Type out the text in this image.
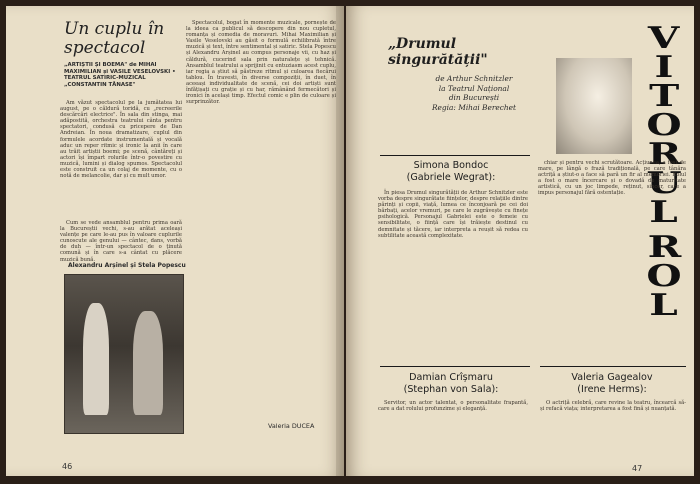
Un cuplu în spectacol
„ARTIȘTII ȘI BOEMA" de MIHAI MAXIMILIAN și VASILE VESELOVSKI • TEATRUL SATIRIC-MUZICAL „CONSTANTIN TĂNASE"

Am văzut spectacolul pe la jumătatea lui august, pe o căldură toridă, cu „recreerile descărcări electrice". În sala din stinga, mai adăpostită, orchestra teatrului cânta pentru spectatori, condusă cu pricepere de Dan Andreian. În noua dramatizare, cuplul din formulele acordate instrumentală și vocală aduc un reper ritmic și ironic la anii în care au trăit artiștii boemi; pe scenă, cântăreți și actori își împart rolurile într-o povestire cu muzică, lumini și dialog spumos. Spectacolul este construit ca un colaj de momente, cu o notă de melancolie, dar și cu mult umor.

Cum se vede ansamblul pentru prima oară la Bucureștii vechi, s-au arătat aceleași valențe pe care le-au pus în valoare cuplurile cunoscute ale genului — cântec, dans, vorbă de duh — într-un spectacol de o ținută comună și în care s-a cântat cu plăcere muzică bună.

Alexandru Arșinel și Stela Popescu

Spectacolul, bogat în momente muzicale, pornește de la ideea ca publicul să descopere din nou cupletul, romanța și comedia de moravuri. Mihai Maximilian și Vasile Veselovski au găsit o formulă echilibrată între muzică și text, între sentimental și satiric. Stela Popescu și Alexandru Arșinel au compus personaje vii, cu haz și căldură, cucerind sala prin naturalețe și tehnică. Ansamblul teatrului a sprijinit cu entuziasm acest cuplu, iar regia a știut să păstreze ritmul și culoarea fiecărui tablou. În travesti, în diverse compoziții, în duet, în aceeași individualitate de scenă, cei doi artiști sunt înfățișați cu grație și cu har, rămânând fermecători și ironici în același timp. Efectul comic e plin de culoare și surprinzător.

Valeria DUCEA
46	47
„Drumul singurătății"
de Arthur Schnitzler
la Teatrul Național
din București
Regia: Mihai Berechet
V
I
T
O
R
U
L
R
O
L
Simona Bondoc
(Gabriele Wegrat):

În piesa Drumul singurătății de Arthur Schnitzler este vorba despre singurătate ființelor, despre relațiile dintre părinți și copii, viață, lumea ce înconjoară pe cei doi bărbați, acelor vremuri, pe care le zugrăvește cu finețe psihologică. Personajul Gabrielei este o femeie cu sensibilitate, o ființă care își trăiește destinul cu demnitate și tăcere, iar interpreta a reușit să redea cu subtilitate această complexitate.

chiar și pentru vechi scrutătoare. Acțiunea, a fost de mare, pe lângă o frază tradițională, pe care tânăra actriță a știut-o a face să pară un fir al memoriei. Rolul a fost o mare încercare și o dovadă de maturitate artistică, cu un joc limpede, reținut, sincer, care a impus personajul fără ostentație.

Damian Crîșmaru
(Stephan von Sala):

Servitor, un actor talentat, o personalitate frapantă, care a dat rolului profunzime și eleganță.

Valeria Gagealov
(Irene Herms):

O actriță celebră, care revine la teatru, încearcă să-și refacă viața; interpretarea a fost fină și nuanțată.
